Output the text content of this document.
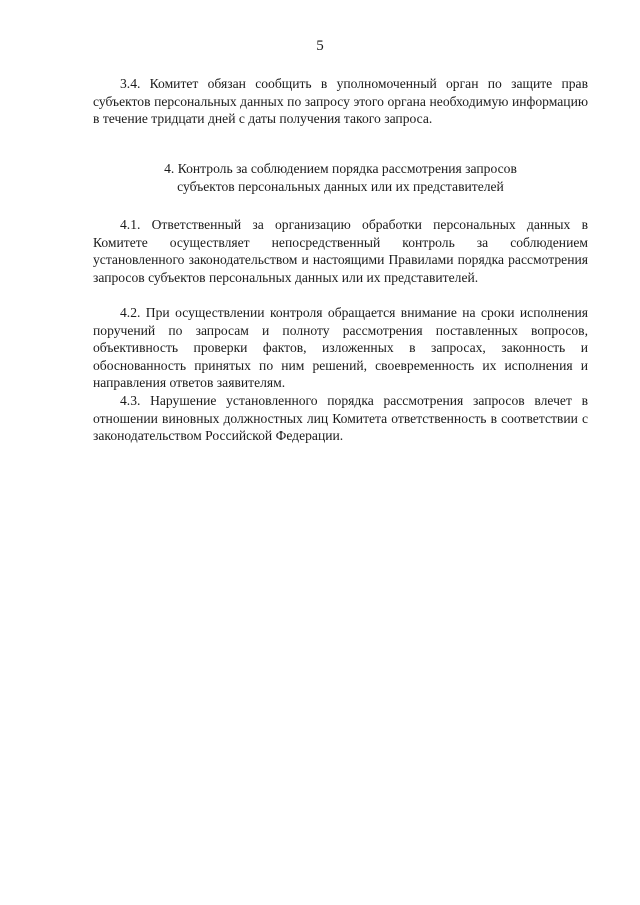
5

3.4. Комитет обязан сообщить в уполномоченный орган по защите прав субъектов персональных данных по запросу этого органа необходимую информацию в течение тридцати дней с даты получения такого запроса.

4. Контроль за соблюдением порядка рассмотрения запросов
субъектов персональных данных или их представителей

4.1. Ответственный за организацию обработки персональных данных в Комитете осуществляет непосредственный контроль за соблюдением установленного законодательством и настоящими Правилами порядка рассмотрения запросов субъектов персональных данных или их представителей.

4.2. При осуществлении контроля обращается внимание на сроки исполнения поручений по запросам и полноту рассмотрения поставленных вопросов, объективность проверки фактов, изложенных в запросах, законность и обоснованность принятых по ним решений, своевременность их исполнения и направления ответов заявителям.

4.3. Нарушение установленного порядка рассмотрения запросов влечет в отношении виновных должностных лиц Комитета ответственность в соответствии с законодательством Российской Федерации.
